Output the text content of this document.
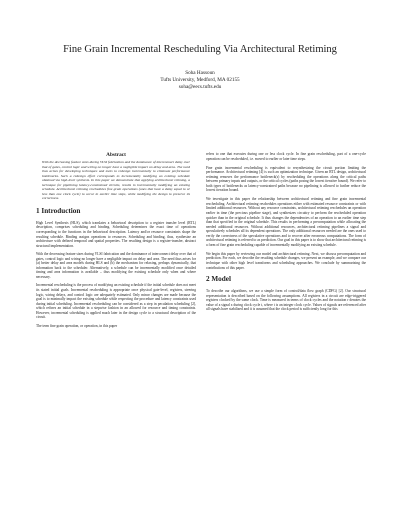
Fine Grain Incremental Rescheduling Via Architectural Retiming
Soha Hassoun
Tufts University, Medford, MA 02155
soha@eecs.tufts.edu
Abstract
With the decreasing feature sizes during VLSI fabrication and the dominance of interconnect delay over that of gates, control logic and wiring no longer have a negligible impact on delay and area. The need thus arises for developing techniques and tools to redesign incrementally to eliminate performance bottlenecks. Such a redesign effort corresponds to incrementally modifying an existing schedule obtained via high-level synthesis. In this paper we demonstrate that applying architectural retiming, a technique for pipelining latency-constrained circuits, results in incrementally modifying an existing schedule. Architectural retiming reschedules fine grain operations (ones that have a delay equal to or less than one clock cycle) to occur in earlier time steps, while modifying the design to preserve its correctness.
1 Introduction

High Level Synthesis (HLS), which translates a behavioral description to a register transfer level (RTL) description, comprises scheduling and binding. Scheduling determines the exact time of operations corresponding to the functions in the behavioral description. Latency and/or resource constraints shape the resulting schedule. Binding assigns operations to resources. Scheduling and binding, thus, synthesize an architecture with defined temporal and spatial properties. The resulting design is a register-transfer, abstract structural implementation.

With the decreasing feature sizes during VLSI fabrication and the dominance of interconnect delay over that of gates, control logic and wiring no longer have a negligible impact on delay and area. The need thus arises for (a) better delay and area models during HLS and (b) the mechanism for relaxing, perhaps dynamically, that information back to the scheduler. Alternatively, a schedule can be incrementally modified once detailed timing and area information is available – thus modifying the existing schedule only when and where necessary.

Incremental rescheduling is the process of modifying an existing schedule if the initial schedule does not meet its stated initial goals. Incremental rescheduling is appropriate once physical gate-level, registers, steering logic, wiring delays, and control logic are adequately estimated. Only minor changes are made because the goal is to minimally impact the existing schedule while respecting the procedure and latency constraints used during initial scheduling. Incremental rescheduling can be considered as a step in peculation scheduling [2], which refines an initial schedule in a stepwise fashion in an allowed for resource and timing constraints. However, incremental scheduling is applied much later in the design cycle to a structural description of the circuit.

The term fine grain operation, or operation, in this paper

refers to one that executes during one or less clock cycle. In fine grain rescheduling, part of a one-cycle operation can be rescheduled, i.e. moved to earlier or later time steps.

Fine grain incremental rescheduling is equivalent to resynthesizing the circuit portion limiting the performance. Architectural retiming [4] is such an optimization technique. Given an RTL design, architectural retiming removes the performance bottleneck(s) by rescheduling the operations along the critical paths between primary inputs and outputs, or the critical cycles (paths posing the lowest iterative bound). We refer to both types of bottlenecks as latency-constrained paths because no pipelining is allowed to further reduce the lowest iteration bound.

We investigate in this paper the relationship between architectural retiming and fine grain incremental rescheduling. Architectural retiming reschedules operations either with estimated resource constraints or with limited additional resources. Without any resource constraints, architectural retiming reschedules an operation earlier in time (the precious pipeline stage), and synthesizes circuitry to perform the rescheduled operation quicker than in the original schedule. It thus changes the dependencies of an operation to an earlier time step than that specified in the original schedule. This results in performing a precomputation while allocating the needed additional resources. Without additional resources, architectural retiming pipelines a signal and speculatively schedules all its dependent operations. The only additional resources needed are the ones used to verify the correctness of the speculative operations and to recover after erroneous computations. The form of architectural retiming is referred to as prediction. Our goal in this paper is to show that architectural retiming is a form of fine grain rescheduling capable of incrementally modifying an existing schedule.

We begin this paper by reviewing our model and architectural retiming. Next, we discuss precomputation and prediction. For each, we describe the resulting schedule changes, we present an example, and we compare our technique with other high level transforms and scheduling approaches. We conclude by summarizing the contributions of this paper.

2 Model

To describe our algorithms, we use a simple form of control/data flow graph (CDFG) [2]. Our structural representation is described based on the following assumptions. All registers in a circuit are edge-triggered registers clocked by the same clock. Time is measured in terms of clock cycles and the notation r denotes the value of a signal x during clock cycle t, where t is an integer clock cycle. Values of signals are referenced after all signals have stabilized and it is assumed that the clock period is sufficiently long for this
